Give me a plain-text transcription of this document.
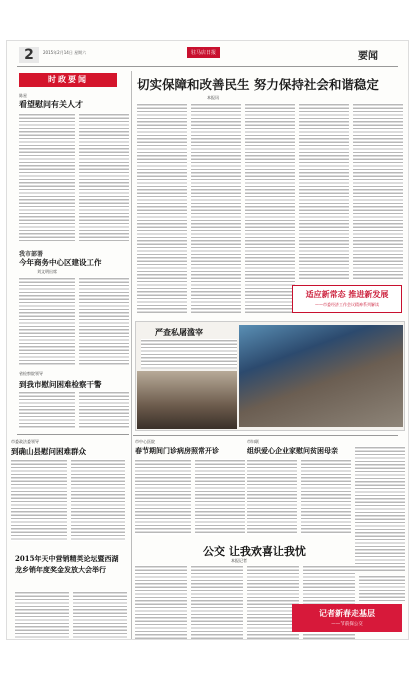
2	2015年2月14日 星期六	驻马店日报	要闻
时政要闻
陈星
看望慰问有关人才
我市部署
今年商务中心区建设工作
刘文明出席
省检察院领导
到我市慰问困难检察干警
市委政法委领导
到确山县慰问困难群众
2015年天中营销精英论坛暨西湖龙乡销年度奖金发放大会举行
切实保障和改善民生 努力保持社会和谐稳定
本报讯
适应新常态 推进新发展
——市委经济工作会议精神系列解读
严查私屠滥宰
市中心医院
春节期间门诊病房照常开诊
市妇联
组织爱心企业家慰问贫困母亲
公交 让我欢喜让我忧
本报记者
记者新春走基层
——节前探公交
